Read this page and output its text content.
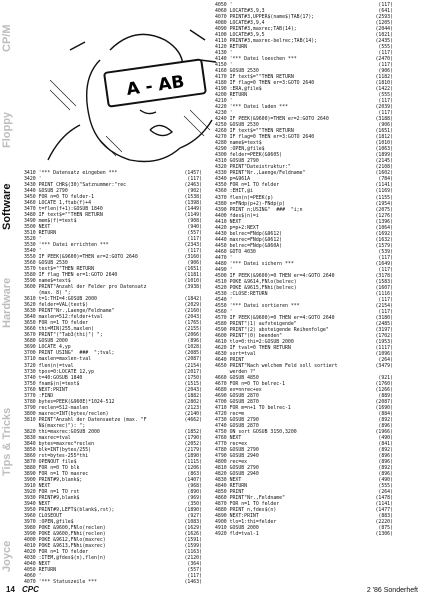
CP/M
Floppy
Software
Hardware
Tips & Tricks
Joyce
A - AB
3410 '*** Datensatz eingeben ***	(1457)
3420 '	(117)
3430 PRINT CHR$(30)"Satznummer:"rec	(2463)
3440 GOSUB 2790	(902)
3450 FOR n=0 TO felder-1	(1538)
3460 LOCATE 1,ftab(f)+4	(1398)
3470 t=flen(f+1):GOSUB 1840	(1449)
3480 IF text$=""THEN RETURN	(1149)
3490 mem$(f)=text$	(908)
3500 NEXT	(940)
3510 RETURN	(557)
3520 '	(117)
3530 '*** Datei errichten ***	(2343)
3540 '	(117)
3550 IF PEEK(&9600)=THEN er=2:GOTO 2640	(3160)
3560 GOSUB 2530	(906)
3570 text$=""THEN RETURN	(1651)
3580 IF flag THEN er=1:GOTO 2640	(1181)
3590 name$=text$	(1010)
3600 PRINT"Anzahl der Felder pro Datensatz	(3938)
(max. 8) ";
3610 t=1:THI=4:GOSUB 2000	(1842)
3620 felder=VAL(text$)	(2029)
3630 PRINT"Nr.,Laenge/Feldname"	(2160)
3640 maxlen=512:felder+tval	(2043)
3650 FOR n=1 TO felder	(1765)
3660 thi=MIN(255,maxlen)	(2155)
3670 PRINT"("Tab3(thi)") ";	(2066)
3680 GOSUB 2000	(896)
3690 LOCATE 4,yp	(1028)
3700 PRINT USING"  ###  ";tval;	(2085)
3710 maxlen=maxlen-tval	(2087)
3720 flen(n)=tval	(2154)
3730 tpos=0:LOCATE 12,yp	(2017)
3740 t=40:GOSUB 1840	(1750)
3750 fnam$(n)=text$	(1515)
3760 NEXT:PRINT	(2043)
3770 :FIND	(1882)
3780 bytes=PEEK(&960E)*1024-512	(2802)
3790 reclen=512-maxlen	(2123)
3800 maxrec=INT(bytes/reclen)	(2140)
3810 PRINT"Anzahl der Datensaetze (max. "F	(4662)
N$(maxrec)"): ";
3820 thi=maxrec:GOSUB 2000	(1852)
3830 maxrec=tval	(1790)
3840 bytes=maxrec*reclen	(2052)
3850 blk=INT(bytes/255)	(2179)
3860 rst=bytes-255*thi	(1890)
3870 OPENOUT file$	(1115)
3880 FOR n=0 TO blk	(1206)
3890 FOR n=1 TO maxrec	(863)
3900 PRINT#9,blank$;	(1407)
3910 NEXT	(968)
3920 FOR n=1 TO rst	(890)
3930 PRINT#9,blank$	(969)
3940 NEXT	(350)
3950 PRINT#9,LEFT$(blank$,rst);	(1890)
3960 CLOSEOUT	(927)
3970 :OPEN,@file$	(1083)
3980 POKE &9600,FNlo(reclen)	(1629)
3990 POKE &9600,FNhi(reclen)	(1626)
4000 POKE &9612,FNlo(maxrec)	(1591)
4010 POKE &9613,FNhi(maxrec)	(1599)
4020 FOR n=1 TO felder	(1163)
4030 :ITEM,@fdes$(n),flen(n)	(2120)
4040 NEXT	(364)
4050 RETURN	(557)
4060 '	(117)
4070 '*** Statuszeile ***	(1463)
4050 '	(117)
4060 LOCATE#3,9,3	(641)
4070 PRINT#3,UPPER$(name$)TAB(17);	(2593)
4080 LOCATE#3,9,4	(1205)
4090 PRINT#3,maxrec;TAB(14);	(2044)
4100 LOCATE#3,9,5	(1021)
4110 PRINT#3,maxrec-belrec;TAB(14);	(2435)
4120 RETURN	(555)
4130 '	(117)
4140 '*** Datei loeschen ***	(2470)
4150 '	(117)
4160 GOSUB 2530	(906)
4170 IF text$=""THEN RETURN	(1182)
4180 IF flag=0 THEN er=3:GOTO 2640	(1810)
4190 :ERA,@file$	(1422)
4200 RETURN	(555)
4210 '	(117)
4220 '*** Datei laden ***	(2039)
4230 '	(117)
4240 IF PEEK(&9600)=THEN er=2:GOTO 2640	(3188)
4250 GOSUB 2530	(906)
4260 IF text$=""THEN RETURN	(1651)
4270 IF flag=0 THEN er=3:GOTO 2640	(1812)
4280 name$=text$	(1010)
4290 :OPEN,@file$	(1063)
4300 felder=PEEK(&9605)	(1899)
4310 GOSUB 2790	(2145)
4320 PRINT"Dateistruktur:"	(2108)
4330 PRINT"Nr.,Laenge/Feldname"	(1602)
4340 p=&961A	(784)
4350 FOR n=1 TO felder	(1141)
4360 :EHIT,@i	(1169)
4370 flen(n)=PEEK(p)	(1155)
4380 n=FNdp(p+2)-FNdp(p)	(1954)
4390 PRINT n;USING"  ###  "i;n	(2075)
4400 fdes$(n)=i	(1276)
4410 NEXT	(1396)
4420 p=p+2:NEXT	(1064)
4430 belrec=FNdp(&9612)	(1692)
4440 maxrec=FNdp(&9612)	(1632)
4450 belrec=FNdp(&960A)	(1579)
4460 GOTO 4030	(539)
4470 '	(117)
4480 '*** Datei sichern ***	(1649)
4490 '	(117)
4500 IF PEEK(&9600)=0 THEN er=4:GOTO 2640	(3178)
4510 POKE &9614,FNlo(belrec)	(1583)
4520 POKE &9615,FNhi(belrec)	(1607)
4530 :CLOSE:RETURN	(1116)
4540 '	(117)
4550 '*** Datei sortieren ***	(2154)
4560 '	(117)
4570 IF PEEK(&9600)=0 THEN er=4:GOTO 2640	(3180)
4580 PRINT"(1) aufsteigende"	(2485)
4590 PRINT"(2) absteigende Reihenfolge"	(3197)
4600 PRINT"(0) beenden"	(1702)
4610 tlo=0:thi=2:GOSUB 2000	(1953)
4620 IF tval=0 THEN RETURN	(1117)
4630 sort=tval	(1096)
4640 PRINT	(264)
4650 PRINT"Nach welchem Feld soll sortiert	(3479)
werden ?"
4660 GOSUB 4850	(921)
4670 FOR n=0 TO belrec-1	(1760)
4680 ex=nnrec+ex	(1266)
4690 GOSUB 2870	(889)
4700 GOSUB 2870	(2087)
4710 FOR m=n+1 TO belrec-1	(1690)
4720 rec=m	(884)
4730 GOSUB 2790	(892)
4740 GOSUB 2870	(896)
4750 ON sort GOSUB 3150,3200	(1966)
4760 NEXT	(490)
4770 rec=ex	(841)
4780 GOSUB 2790	(892)
4790 GOSUB 2940	(896)
4800 rec=ex	(896)
4810 GOSUB 2790	(892)
4820 GOSUB 2940	(896)
4830 NEXT	(490)
4840 RETURN	(555)
4850 PRINT	(264)
4860 PRINT"Nr.,Feldname"	(1478)
4870 FOR n=1 TO felder	(1141)
4880 PRINT n,fdes$(n)	(1477)
4890 NEXT:PRINT	(883)
4900 tlo=1:thi=felder	(2220)
4910 GOSUB 2000	(875)
4920 fld=tval-1	(1306)
14 CPC	2 '86 Sonderheft
